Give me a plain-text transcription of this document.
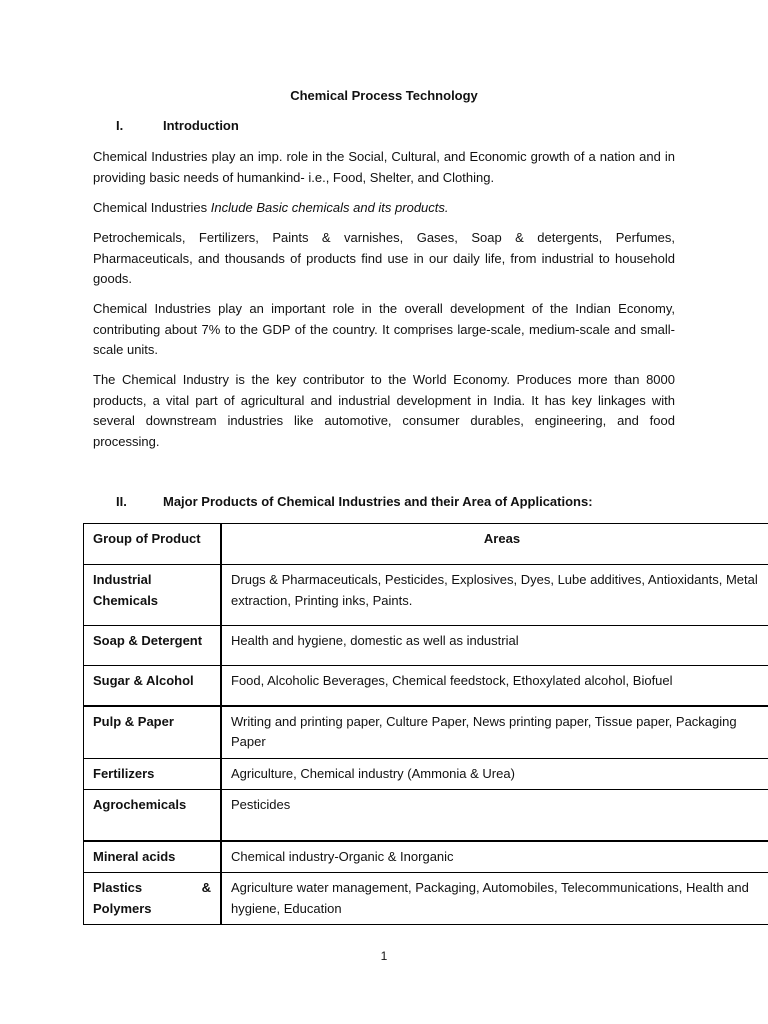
Chemical Process Technology
I.	Introduction

Chemical Industries play an imp. role in the Social, Cultural, and Economic growth of a nation and in providing basic needs of humankind- i.e., Food, Shelter, and Clothing.

Chemical Industries Include Basic chemicals and its products.

Petrochemicals, Fertilizers, Paints & varnishes, Gases, Soap & detergents, Perfumes, Pharmaceuticals, and thousands of products find use in our daily life, from industrial to household goods.

Chemical Industries play an important role in the overall development of the Indian Economy, contributing about 7% to the GDP of the country. It comprises large-scale, medium-scale and small-scale units.

The Chemical Industry is the key contributor to the World Economy. Produces more than 8000 products, a vital part of agricultural and industrial development in India. It has key linkages with several downstream industries like automotive, consumer durables, engineering, and food processing.

II.	Major Products of Chemical Industries and their Area of Applications:
Group of Product	Areas
Industrial Chemicals	Drugs & Pharmaceuticals, Pesticides, Explosives, Dyes, Lube additives, Antioxidants, Metal extraction, Printing inks, Paints.
Soap & Detergent	Health and hygiene, domestic as well as industrial
Sugar & Alcohol	Food, Alcoholic Beverages, Chemical feedstock, Ethoxylated alcohol, Biofuel
Pulp & Paper	Writing and printing paper, Culture Paper, News printing paper, Tissue paper, Packaging Paper
Fertilizers	Agriculture, Chemical industry (Ammonia & Urea)
Agrochemicals	Pesticides
Mineral acids	Chemical industry-Organic & Inorganic
Plastics & Polymers	Agriculture water management, Packaging, Automobiles, Telecommunications, Health and hygiene, Education
1
